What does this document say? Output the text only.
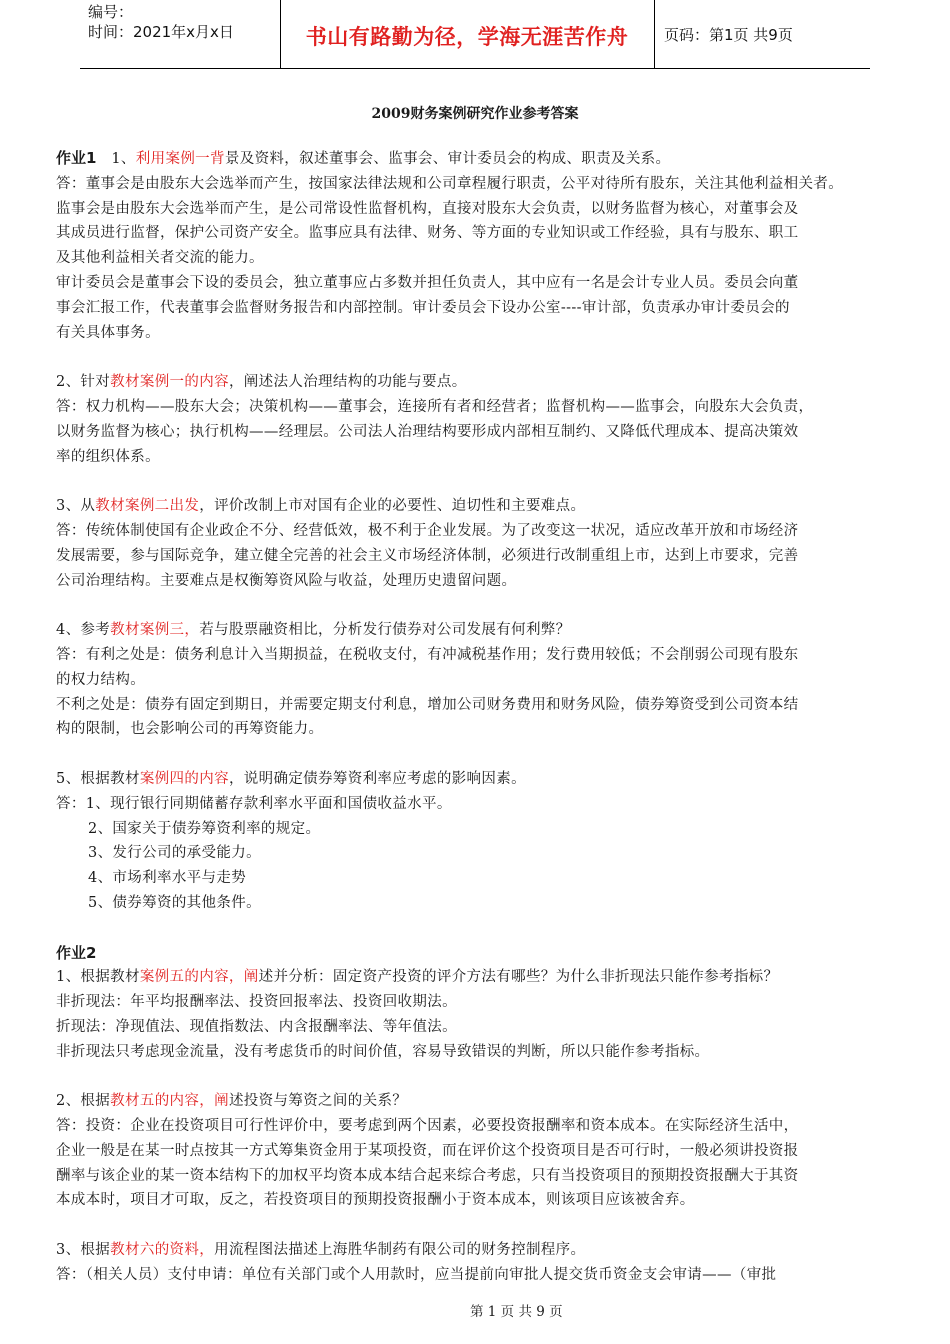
编号：
时间：2021年x月x日	书山有路勤为径，学海无涯苦作舟	页码：第1页 共9页
2009财务案例研究作业参考答案

作业1 1、利用案例一背景及资料，叙述董事会、监事会、审计委员会的构成、职责及关系。

答：董事会是由股东大会选举而产生，按国家法律法规和公司章程履行职责，公平对待所有股东，关注其他利益相关者。

监事会是由股东大会选举而产生，是公司常设性监督机构，直接对股东大会负责，以财务监督为核心，对董事会及

其成员进行监督，保护公司资产安全。监事应具有法律、财务、等方面的专业知识或工作经验，具有与股东、职工

及其他利益相关者交流的能力。

审计委员会是董事会下设的委员会，独立董事应占多数并担任负责人，其中应有一名是会计专业人员。委员会向董

事会汇报工作，代表董事会监督财务报告和内部控制。审计委员会下设办公室----审计部，负责承办审计委员会的

有关具体事务。

2、针对教材案例一的内容，阐述法人治理结构的功能与要点。

答：权力机构——股东大会；决策机构——董事会，连接所有者和经营者；监督机构——监事会，向股东大会负责，

以财务监督为核心；执行机构——经理层。公司法人治理结构要形成内部相互制约、又降低代理成本、提高决策效

率的组织体系。

3、从教材案例二出发，评价改制上市对国有企业的必要性、迫切性和主要难点。

答：传统体制使国有企业政企不分、经营低效，极不利于企业发展。为了改变这一状况，适应改革开放和市场经济

发展需要，参与国际竞争，建立健全完善的社会主义市场经济体制，必须进行改制重组上市，达到上市要求，完善

公司治理结构。主要难点是权衡筹资风险与收益，处理历史遗留问题。

4、参考教材案例三，若与股票融资相比，分析发行债券对公司发展有何利弊？

答：有利之处是：债务利息计入当期损益，在税收支付，有冲减税基作用；发行费用较低；不会削弱公司现有股东

的权力结构。

不利之处是：债券有固定到期日，并需要定期支付利息，增加公司财务费用和财务风险，债券筹资受到公司资本结

构的限制，也会影响公司的再筹资能力。

5、根据教材案例四的内容，说明确定债券筹资利率应考虑的影响因素。

答：1、现行银行同期储蓄存款利率水平面和国债收益水平。

2、国家关于债券筹资利率的规定。

3、发行公司的承受能力。

4、市场利率水平与走势

5、债券筹资的其他条件。

作业2

1、根据教材案例五的内容，阐述并分析：固定资产投资的评介方法有哪些？为什么非折现法只能作参考指标？

非折现法：年平均报酬率法、投资回报率法、投资回收期法。

折现法：净现值法、现值指数法、内含报酬率法、等年值法。

非折现法只考虑现金流量，没有考虑货币的时间价值，容易导致错误的判断，所以只能作参考指标。

2、根据教材五的内容，阐述投资与筹资之间的关系？

答：投资：企业在投资项目可行性评价中，要考虑到两个因素，必要投资报酬率和资本成本。在实际经济生活中，

企业一般是在某一时点按其一方式筹集资金用于某项投资，而在评价这个投资项目是否可行时，一般必须讲投资报

酬率与该企业的某一资本结构下的加权平均资本成本结合起来综合考虑，只有当投资项目的预期投资报酬大于其资

本成本时，项目才可取，反之，若投资项目的预期投资报酬小于资本成本，则该项目应该被舍弃。

3、根据教材六的资料，用流程图法描述上海胜华制药有限公司的财务控制程序。

答：（相关人员）支付申请：单位有关部门或个人用款时，应当提前向审批人提交货币资金支会审请——（审批

第 1 页 共 9 页
